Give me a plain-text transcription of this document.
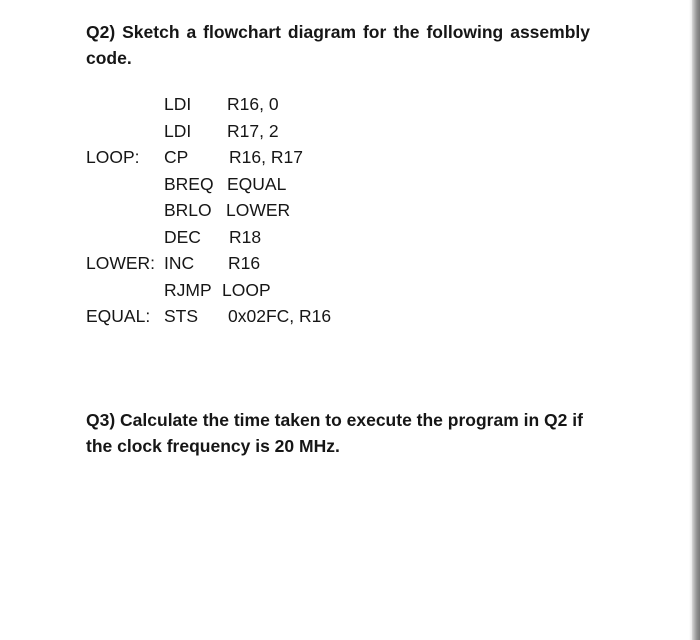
Q2) Sketch a flowchart diagram for the following assembly code.

LDI R16, 0
LDI R17, 2
LOOP: CP R16, R17
BREQ EQUAL
BRLO LOWER
DEC R18
LOWER: INC R16
RJMP LOOP
EQUAL: STS 0x02FC, R16

Q3) Calculate the time taken to execute the program in Q2 if the clock frequency is 20 MHz.
